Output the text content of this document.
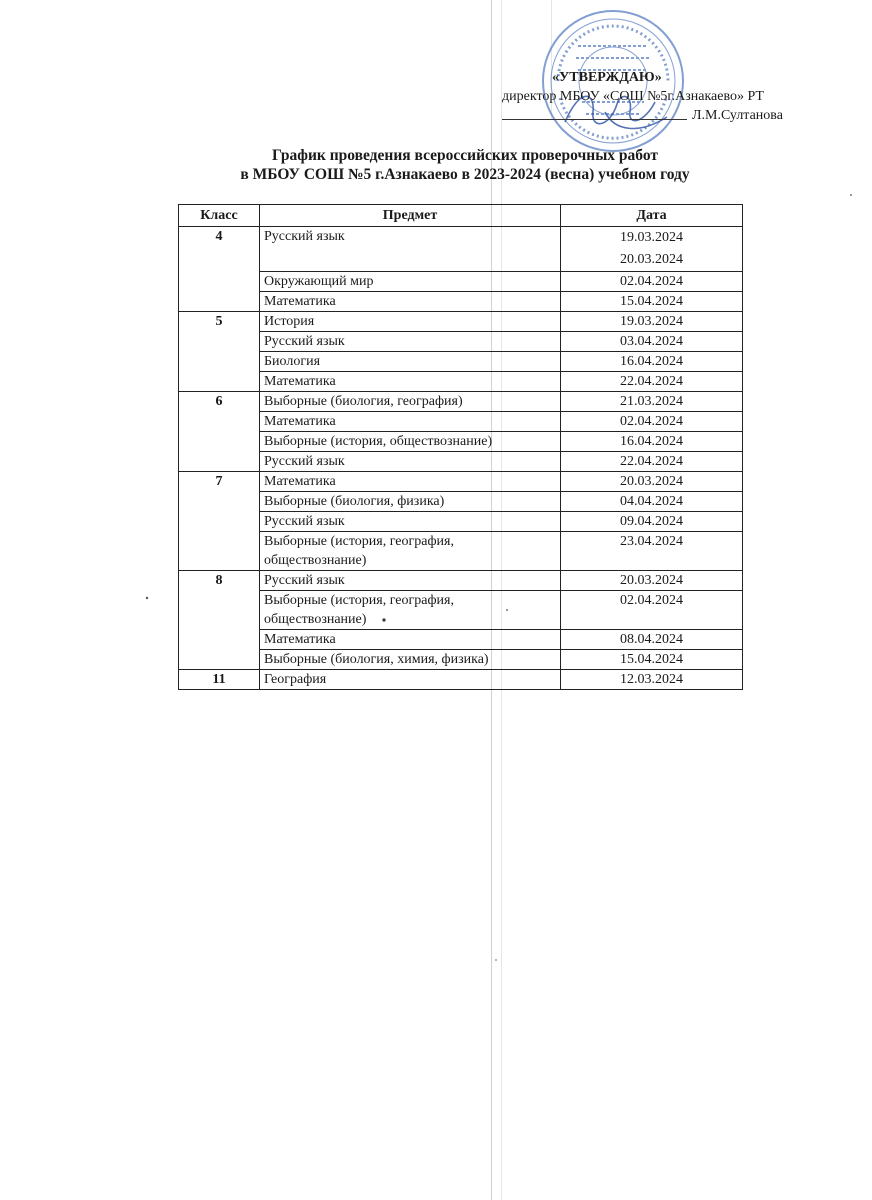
«УТВЕРЖДАЮ»
директор МБОУ «СОШ №5г.Азнакаево» РТ
Л.М.Султанова
График проведения всероссийских проверочных работ
в МБОУ СОШ №5 г.Азнакаево в 2023-2024 (весна) учебном году
Класс	Предмет	Дата
4	Русский язык	19.03.2024
20.03.2024

	Окружающий мир	02.04.2024
	Математика	15.04.2024
5	История	19.03.2024
	Русский язык	03.04.2024
	Биология	16.04.2024
	Математика	22.04.2024
6	Выборные (биология, география)	21.03.2024
	Математика	02.04.2024
	Выборные (история, обществознание)	16.04.2024
	Русский язык	22.04.2024
7	Математика	20.03.2024
	Выборные (биология, физика)	04.04.2024
	Русский язык	09.04.2024
	Выборные (история, география, обществознание)	23.04.2024
8	Русский язык	20.03.2024
	Выборные (история, география, обществознание)	02.04.2024
	Математика	08.04.2024
	Выборные (биология, химия, физика)	15.04.2024
11	География	12.03.2024
